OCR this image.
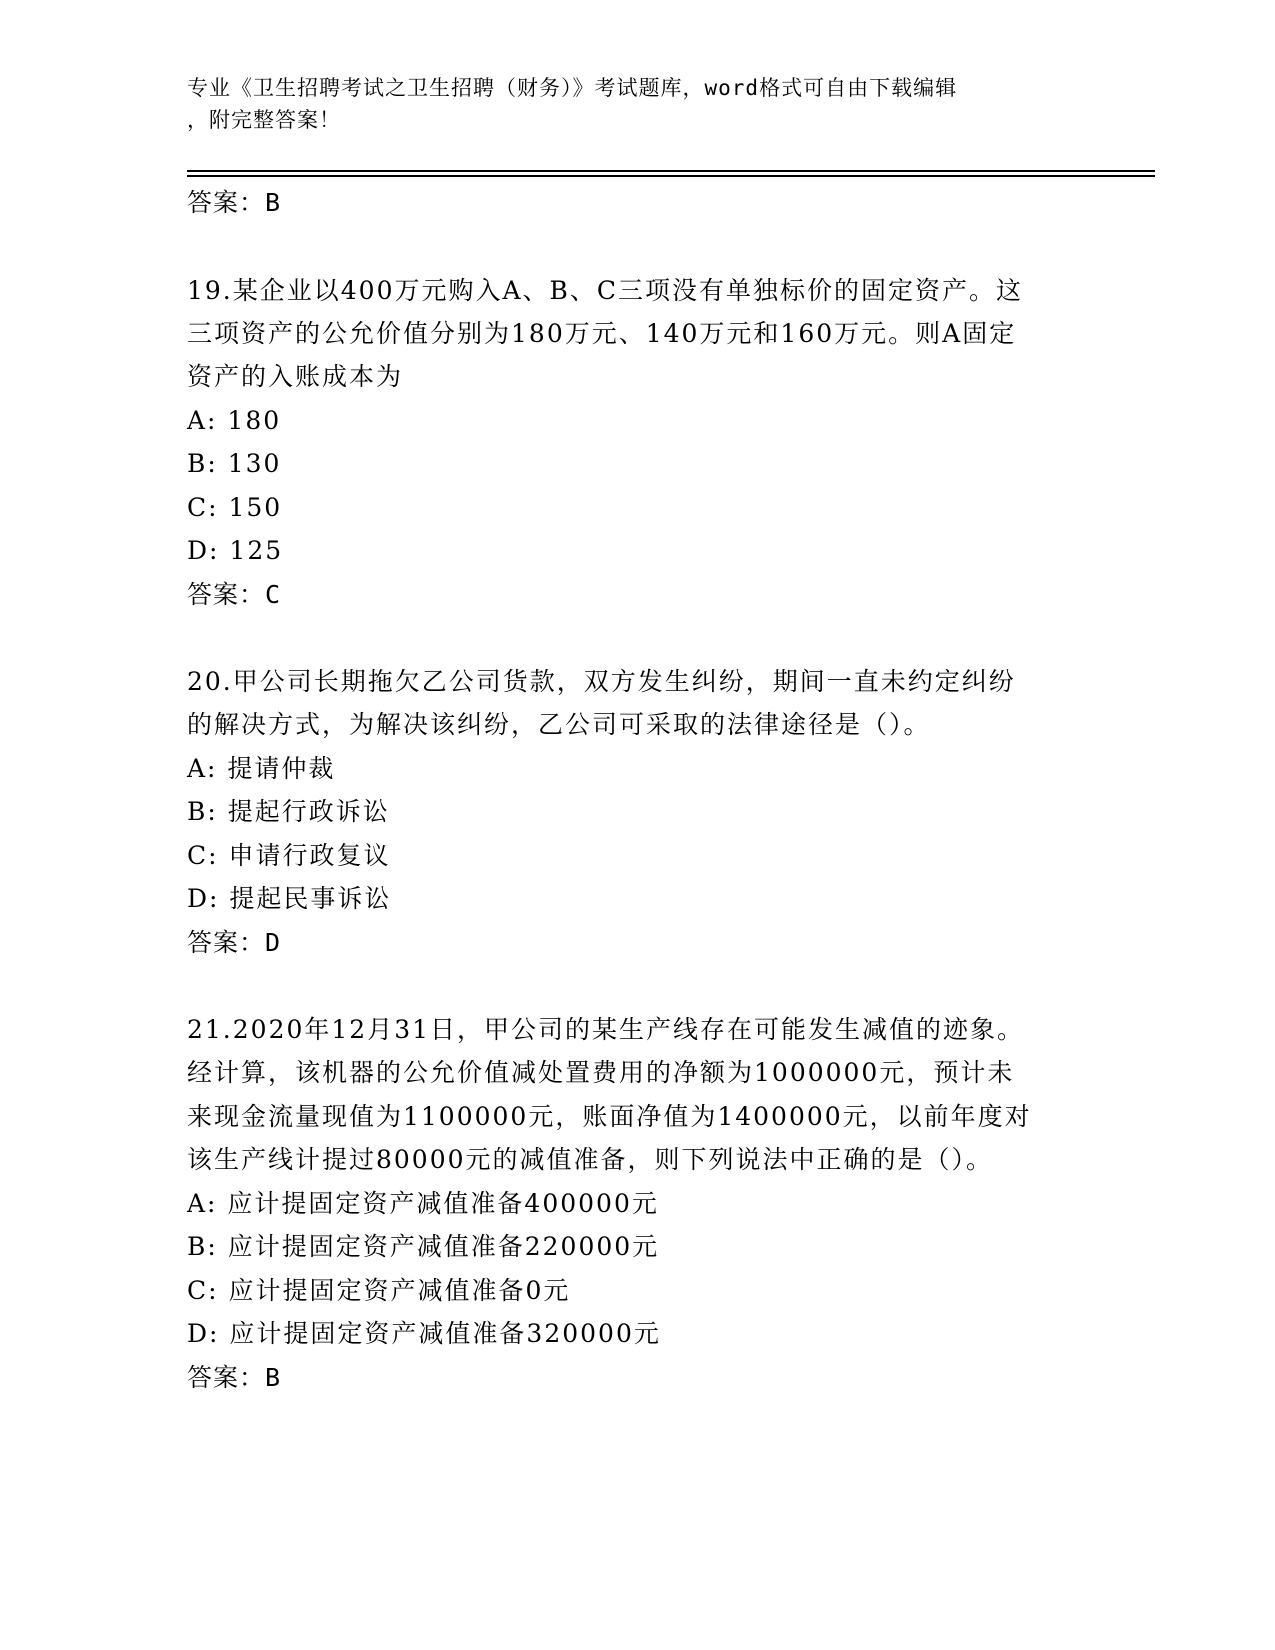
专业《卫生招聘考试之卫生招聘（财务）》考试题库，word格式可自由下载编辑
，附完整答案！
答案：B
19.某企业以400万元购入A、B、C三项没有单独标价的固定资产。这
三项资产的公允价值分别为180万元、140万元和160万元。则A固定
资产的入账成本为
A: 180
B: 130
C: 150
D: 125
答案：C
20.甲公司长期拖欠乙公司货款，双方发生纠纷，期间一直未约定纠纷
的解决方式，为解决该纠纷，乙公司可采取的法律途径是（）。
A: 提请仲裁
B: 提起行政诉讼
C: 申请行政复议
D: 提起民事诉讼
答案：D
21.2020年12月31日，甲公司的某生产线存在可能发生减值的迹象。
经计算，该机器的公允价值减处置费用的净额为1000000元，预计未
来现金流量现值为1100000元，账面净值为1400000元，以前年度对
该生产线计提过80000元的减值准备，则下列说法中正确的是（）。
A: 应计提固定资产减值准备400000元
B: 应计提固定资产减值准备220000元
C: 应计提固定资产减值准备0元
D: 应计提固定资产减值准备320000元
答案：B
